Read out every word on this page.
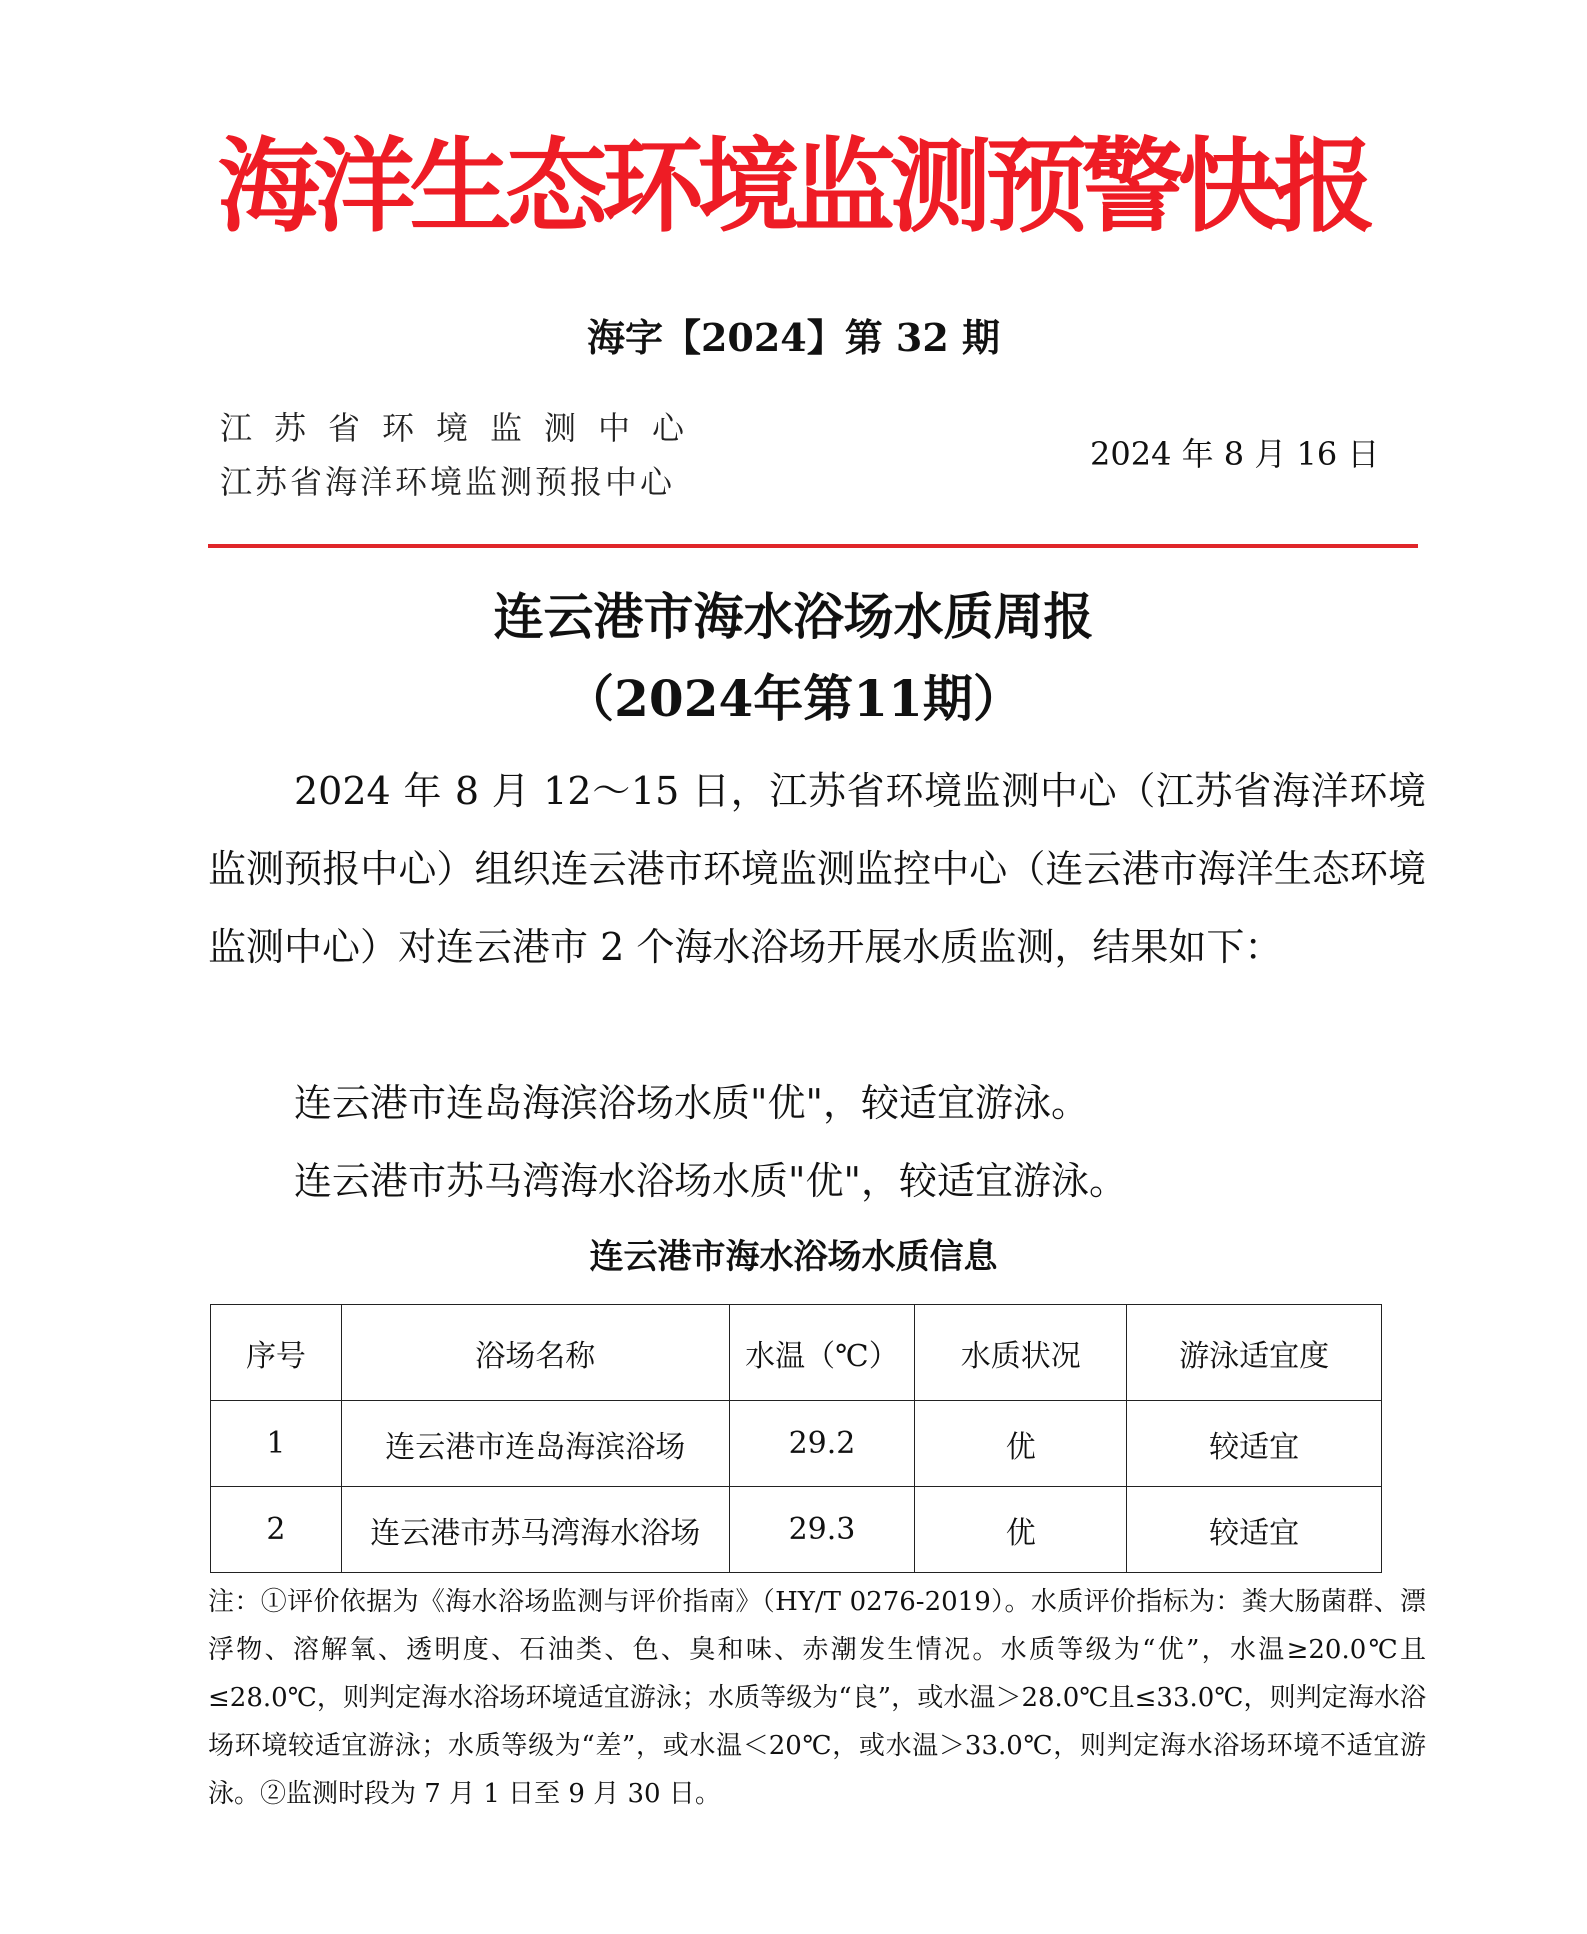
海洋生态环境监测预警快报
海字【2024】第 32 期
江苏省环境监测中心
江苏省海洋环境监测预报中心
2024 年 8 月 16 日
连云港市海水浴场水质周报
（2024年第11期）
2024 年 8 月 12～15 日，江苏省环境监测中心（江苏省海洋环境监测预报中心）组织连云港市环境监测监控中心（连云港市海洋生态环境监测中心）对连云港市 2 个海水浴场开展水质监测，结果如下：
连云港市连岛海滨浴场水质"优"，较适宜游泳。
连云港市苏马湾海水浴场水质"优"，较适宜游泳。
连云港市海水浴场水质信息
序号	浴场名称	水温（℃）	水质状况	游泳适宜度
1	连云港市连岛海滨浴场	29.2	优	较适宜
2	连云港市苏马湾海水浴场	29.3	优	较适宜
注：①评价依据为《海水浴场监测与评价指南》（HY/T 0276-2019）。水质评价指标为：粪大肠菌群、漂浮物、溶解氧、透明度、石油类、色、臭和味、赤潮发生情况。水质等级为“优”，水温≥20.0℃且≤28.0℃，则判定海水浴场环境适宜游泳；水质等级为“良”，或水温＞28.0℃且≤33.0℃，则判定海水浴场环境较适宜游泳；水质等级为“差”，或水温＜20℃，或水温＞33.0℃，则判定海水浴场环境不适宜游泳。②监测时段为 7 月 1 日至 9 月 30 日。
